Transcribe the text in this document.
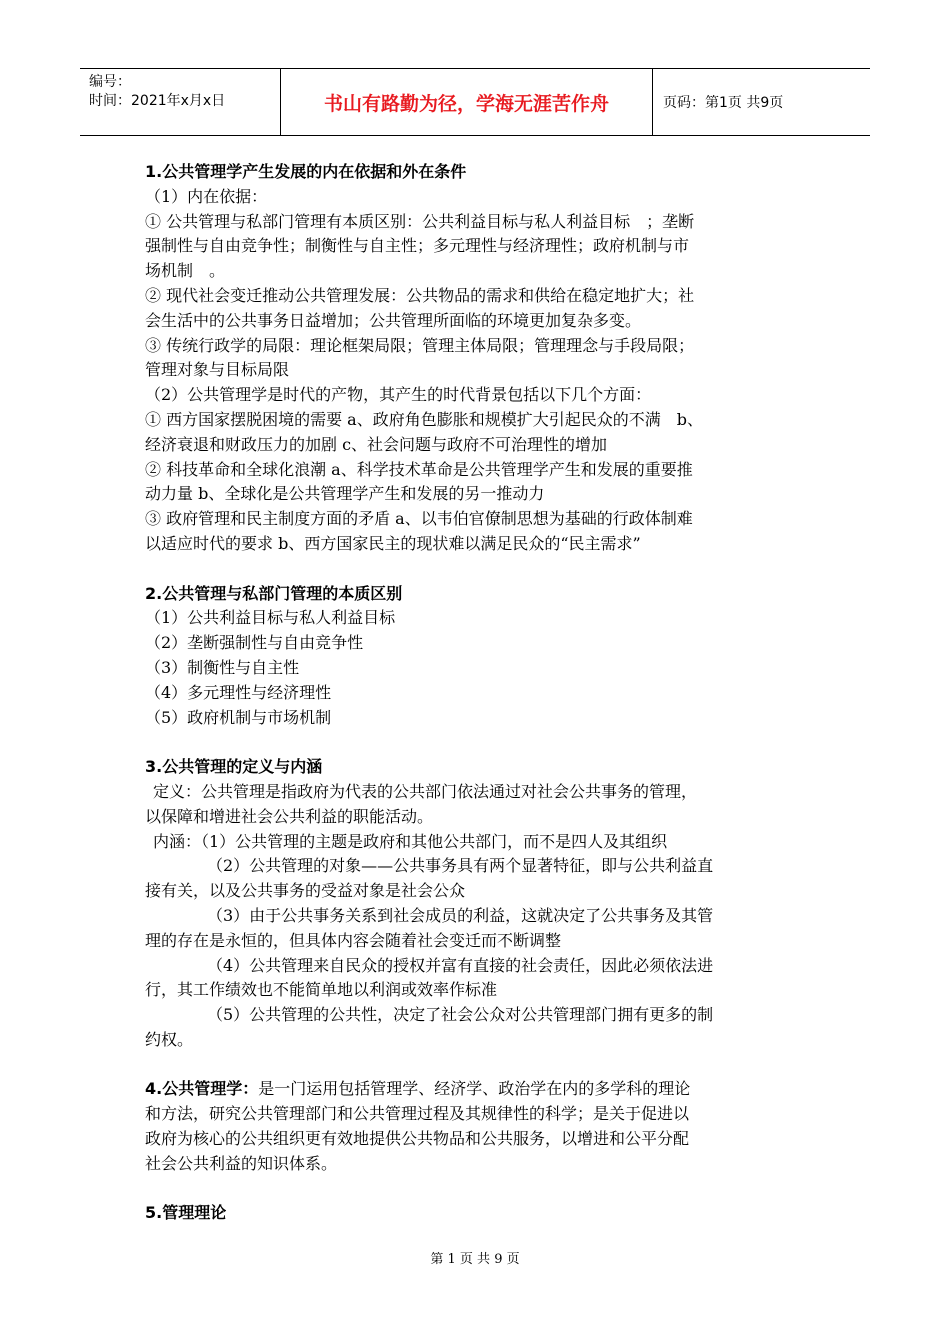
编号：
时间：2021年x月x日	书山有路勤为径，学海无涯苦作舟	页码：第1页 共9页

1.公共管理学产生发展的内在依据和外在条件

（1）内在依据：

① 公共管理与私部门管理有本质区别：公共利益目标与私人利益目标　；垄断

强制性与自由竞争性；制衡性与自主性；多元理性与经济理性；政府机制与市

场机制　。

② 现代社会变迁推动公共管理发展：公共物品的需求和供给在稳定地扩大；社

会生活中的公共事务日益增加；公共管理所面临的环境更加复杂多变。

③ 传统行政学的局限：理论框架局限；管理主体局限；管理理念与手段局限；

管理对象与目标局限

（2）公共管理学是时代的产物，其产生的时代背景包括以下几个方面：

① 西方国家摆脱困境的需要 a、政府角色膨胀和规模扩大引起民众的不满　b、

经济衰退和财政压力的加剧 c、社会问题与政府不可治理性的增加

② 科技革命和全球化浪潮 a、科学技术革命是公共管理学产生和发展的重要推

动力量 b、全球化是公共管理学产生和发展的另一推动力

③ 政府管理和民主制度方面的矛盾 a、以韦伯官僚制思想为基础的行政体制难

以适应时代的要求 b、西方国家民主的现状难以满足民众的“民主需求”

2.公共管理与私部门管理的本质区别

（1）公共利益目标与私人利益目标

（2）垄断强制性与自由竞争性

（3）制衡性与自主性

（4）多元理性与经济理性

（5）政府机制与市场机制

3.公共管理的定义与内涵

定义：公共管理是指政府为代表的公共部门依法通过对社会公共事务的管理，

以保障和增进社会公共利益的职能活动。

内涵：（1）公共管理的主题是政府和其他公共部门，而不是四人及其组织

（2）公共管理的对象——公共事务具有两个显著特征，即与公共利益直

接有关，以及公共事务的受益对象是社会公众

（3）由于公共事务关系到社会成员的利益，这就决定了公共事务及其管

理的存在是永恒的，但具体内容会随着社会变迁而不断调整

（4）公共管理来自民众的授权并富有直接的社会责任，因此必须依法进

行，其工作绩效也不能简单地以利润或效率作标准

（5）公共管理的公共性，决定了社会公众对公共管理部门拥有更多的制

约权。

4.公共管理学：是一门运用包括管理学、经济学、政治学在内的多学科的理论

和方法，研究公共管理部门和公共管理过程及其规律性的科学；是关于促进以

政府为核心的公共组织更有效地提供公共物品和公共服务，以增进和公平分配

社会公共利益的知识体系。

5.管理理论

第 1 页 共 9 页
